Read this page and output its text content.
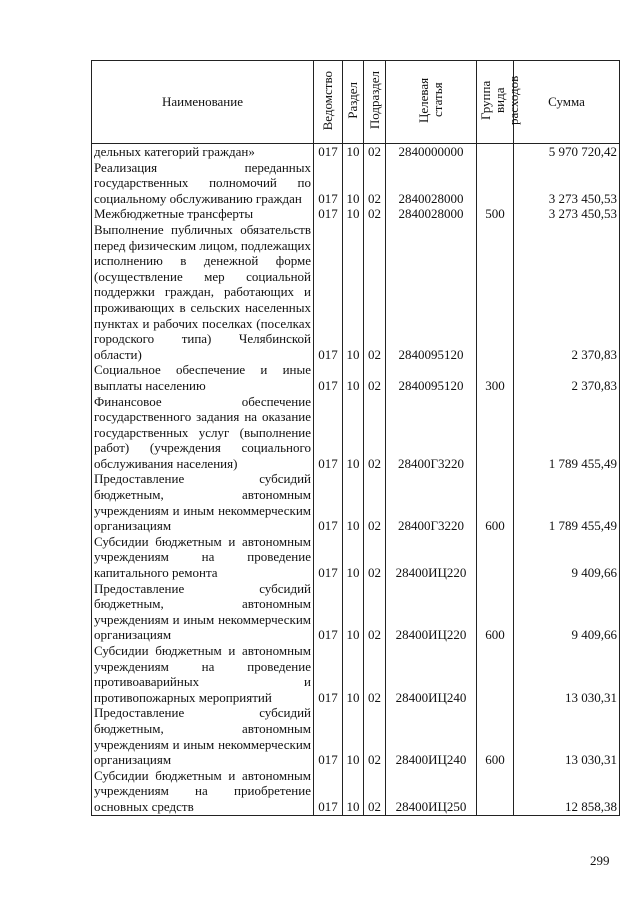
Наименование	Ведомство	Раздел	Подраздел	Целевая статья	Группа вида расходов	Сумма
дельных категорий граждан»	017	10	02	2840000000		5 970 720,42
Реализация переданных государственных полномочий по социальному обслуживанию граждан	017	10	02	2840028000		3 273 450,53
Межбюджетные трансферты	017	10	02	2840028000	500	3 273 450,53
Выполнение публичных обязательств перед физическим лицом, подлежащих исполнению в денежной форме (осуществление мер социальной поддержки граждан, работающих и проживающих в сельских населенных пунктах и рабочих поселках (поселках городского типа) Челябинской области)	017	10	02	2840095120		2 370,83
Социальное обеспечение и иные выплаты населению	017	10	02	2840095120	300	2 370,83
Финансовое обеспечение государственного задания на оказание государственных услуг (выполнение работ) (учреждения социального обслуживания населения)	017	10	02	28400Г3220		1 789 455,49
Предоставление субсидий бюджетным, автономным учреждениям и иным некоммерческим организациям	017	10	02	28400Г3220	600	1 789 455,49
Субсидии бюджетным и автономным учреждениям на проведение капитального ремонта	017	10	02	28400ИЦ220		9 409,66
Предоставление субсидий бюджетным, автономным учреждениям и иным некоммерческим организациям	017	10	02	28400ИЦ220	600	9 409,66
Субсидии бюджетным и автономным учреждениям на проведение противоаварийных и противопожарных мероприятий	017	10	02	28400ИЦ240		13 030,31
Предоставление субсидий бюджетным, автономным учреждениям и иным некоммерческим организациям	017	10	02	28400ИЦ240	600	13 030,31
Субсидии бюджетным и автономным учреждениям на приобретение основных средств	017	10	02	28400ИЦ250		12 858,38
299
